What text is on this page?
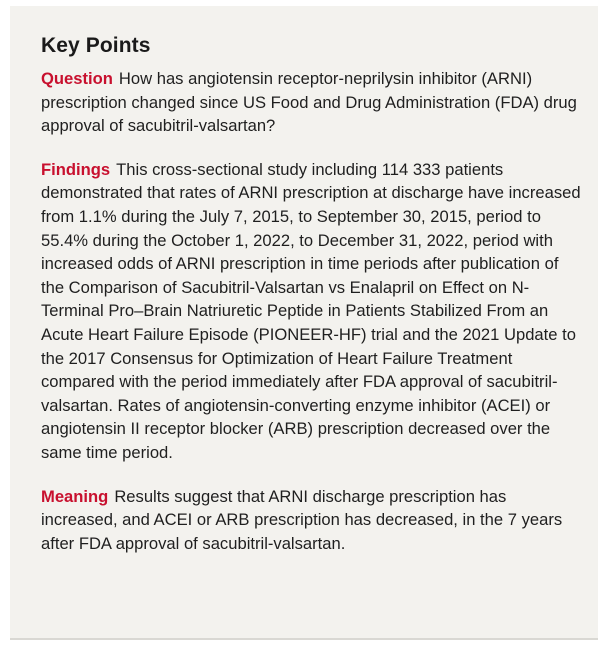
Key Points

Question How has angiotensin receptor-neprilysin inhibitor (ARNI) prescription changed since US Food and Drug Administration (FDA) drug approval of sacubitril-valsartan?

Findings This cross-sectional study including 114 333 patients demonstrated that rates of ARNI prescription at discharge have increased from 1.1% during the July 7, 2015, to September 30, 2015, period to 55.4% during the October 1, 2022, to December 31, 2022, period with increased odds of ARNI prescription in time periods after publication of the Comparison of Sacubitril-Valsartan vs Enalapril on Effect on N-Terminal Pro–Brain Natriuretic Peptide in Patients Stabilized From an Acute Heart Failure Episode (PIONEER-HF) trial and the 2021 Update to the 2017 Consensus for Optimization of Heart Failure Treatment compared with the period immediately after FDA approval of sacubitril-valsartan. Rates of angiotensin-converting enzyme inhibitor (ACEI) or angiotensin II receptor blocker (ARB) prescription decreased over the same time period.

Meaning Results suggest that ARNI discharge prescription has increased, and ACEI or ARB prescription has decreased, in the 7 years after FDA approval of sacubitril-valsartan.
